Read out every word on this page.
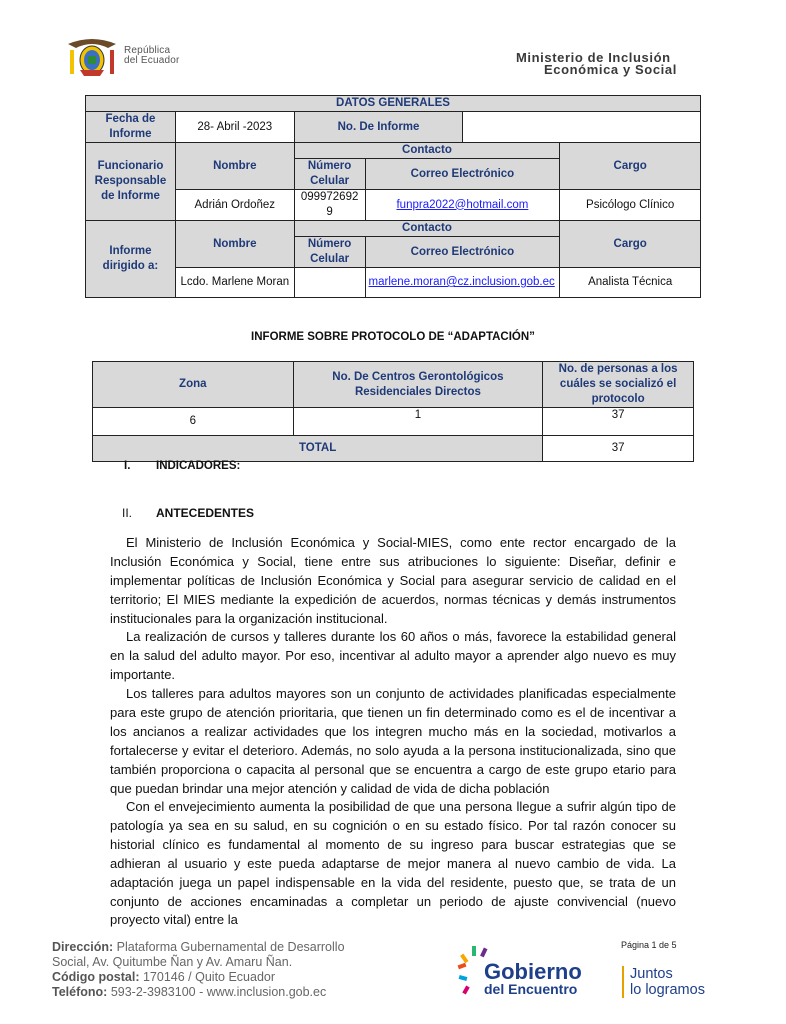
República
del Ecuador	Ministerio de Inclusión
Económica y Social
DATOS GENERALES					
Fecha de Informe	28- Abril -2023	No. De Informe			
Funcionario Responsable de Informe	Nombre	Contacto			Cargo
		Número Celular	Correo Electrónico		
	Adrián Ordoñez	0999726929	funpra2022@hotmail.com		Psicólogo Clínico
Informe dirigido a:	Nombre	Contacto			Cargo
		Número Celular	Correo Electrónico		
	Lcdo. Marlene Moran		marlene.moran@cz.inclusion.gob.ec		Analista Técnica
INFORME SOBRE PROTOCOLO DE “ADAPTACIÓN”
Zona	No. De Centros Gerontológicos Residenciales Directos	No. de personas a los cuáles se socializó el protocolo
6	1	37
TOTAL		37
I. INDICADORES:
II. ANTECEDENTES
El Ministerio de Inclusión Económica y Social-MIES, como ente rector encargado de la Inclusión Económica y Social, tiene entre sus atribuciones lo siguiente: Diseñar, definir e implementar políticas de Inclusión Económica y Social para asegurar servicio de calidad en el territorio; El MIES mediante la expedición de acuerdos, normas técnicas y demás instrumentos institucionales para la organización institucional.
La realización de cursos y talleres durante los 60 años o más, favorece la estabilidad general en la salud del adulto mayor. Por eso, incentivar al adulto mayor a aprender algo nuevo es muy importante.
Los talleres para adultos mayores son un conjunto de actividades planificadas especialmente para este grupo de atención prioritaria, que tienen un fin determinado como es el de incentivar a los ancianos a realizar actividades que los integren mucho más en la sociedad, motivarlos a fortalecerse y evitar el deterioro. Además, no solo ayuda a la persona institucionalizada, sino que también proporciona o capacita al personal que se encuentra a cargo de este grupo etario para que puedan brindar una mejor atención y calidad de vida de dicha población
Con el envejecimiento aumenta la posibilidad de que una persona llegue a sufrir algún tipo de patología ya sea en su salud, en su cognición o en su estado físico. Por tal razón conocer su historial clínico es fundamental al momento de su ingreso para buscar estrategias que se adhieran al usuario y este pueda adaptarse de mejor manera al nuevo cambio de vida. La adaptación juega un papel indispensable en la vida del residente, puesto que, se trata de un conjunto de acciones encaminadas a completar un periodo de ajuste convivencial (nuevo proyecto vital) entre la
Dirección: Plataforma Gubernamental de Desarrollo
Social, Av. Quitumbe Ñan y Av. Amaru Ñan.
Código postal: 170146 / Quito Ecuador
Teléfono: 593-2-3983100 - www.inclusion.gob.ec
Página 1 de 5
Gobierno
del Encuentro
Juntos
lo logramos
